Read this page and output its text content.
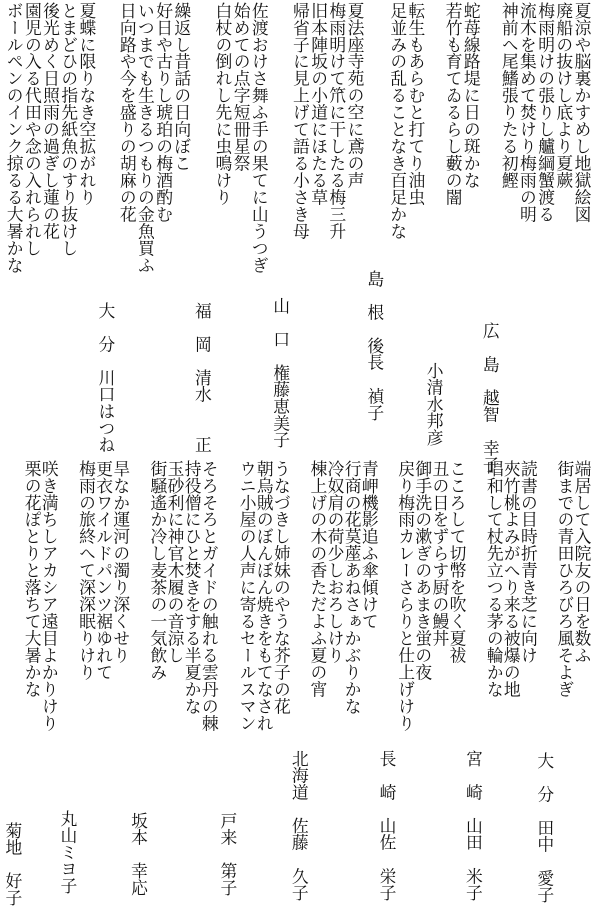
夏涼や脳裏かすめし地獄絵図
廃船の抜けし底より夏蕨
梅雨明けの張りし艫綱蟹渡る
流木を集めて焚けり梅雨の明
神前へ尾鰭張りたる初鰹
広　島　越智　幸子
蛇苺線路堤に日の斑かな
若竹も育てゐるらし藪の闇
小清水邦彦
転生もあらむと打てり油虫
足並みの乱ることなき百足かな
島　根　後長　禎子
夏法座寺苑の空に鳶の声
梅雨明けて笊に干したる梅三升
旧本陣坂の小道にほたる草
帰省子に見上げて語る小さき母
山　口　権藤恵美子
佐渡おけさ舞ふ手の果てに山うつぎ
始めての点字短冊星祭
白杖の倒れし先に虫鳴けり
福　岡　清水　　正
繰返し昔話の日向ぼこ
好日や古りし琥珀の梅酒酌む
いつまでも生きるつもりの金魚買ふ
日向路や今を盛りの胡麻の花
大　分　川口はつね
夏蝶に限りなき空拡がれり
とまどひの指先紙魚のすり抜けし
後光めく日照雨の過ぎし蓮の花
園児の入る代田や念の入れられし
ボールペンのインク掠るる大暑かな
端居して入院友の日を数ふ
街までの青田ひろびろ風そよぎ
大　分　田中　愛子
読書の目時折青き芝に向け
夾竹桃よみがへり来る被爆の地
唱和して杖先立つる茅の輪かな
宮　崎　山田　米子
こころして切幣を吹く夏祓
丑の日をずらす厨の鰻丼
御手洗の漱ぎのあまき蛍の夜
戻り梅雨カレーさらりと仕上げけり
長　崎　山佐　栄子
青岬機影追ふ傘傾けて
行商の花茣蓙あねさぁかぶりかな
冷奴肩の荷少しおろしけり
棟上げの木の香ただよふ夏の宵
北海道　佐藤　久子
うなづきし姉妹のやうな芥子の花
朝烏賊のぼんぼん焼きをもてなされ
ウニ小屋の人声に寄るセールスマン
戸来　第子
そろそろとガイドの触れる雲丹の棘
持役僧にひと焚きをする半夏かな
玉砂利に神官木履の音涼し
街騒遙か冷し麦茶の一気飲み
坂本　幸応
旱なか運河の濁り深くせり
更衣ワイルドパンツ裾ゆれて
梅雨の旅終へて深深眠りけり
丸山ミヨ子
咲き満ちしアカシア遠目よかりけり
栗の花ぽとりと落ちて大暑かな
菊地　好子
